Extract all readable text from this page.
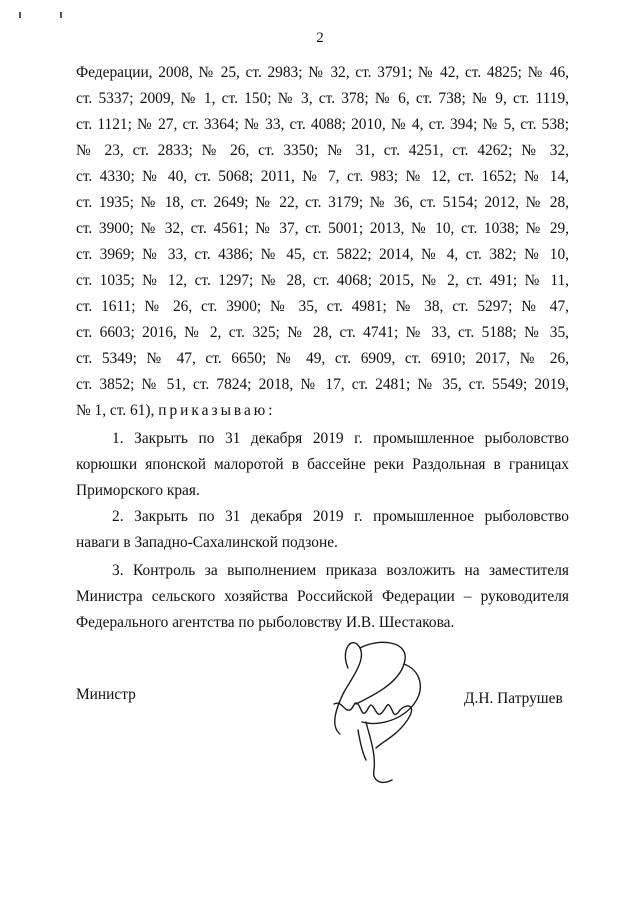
2
Федерации, 2008, № 25, ст. 2983; № 32, ст. 3791; № 42, ст. 4825; № 46,
ст. 5337; 2009, № 1, ст. 150; № 3, ст. 378; № 6, ст. 738; № 9, ст. 1119,
ст. 1121; № 27, ст. 3364; № 33, ст. 4088; 2010, № 4, ст. 394; № 5, ст. 538;
№ 23, ст. 2833; № 26, ст. 3350; № 31, ст. 4251, ст. 4262; № 32,
ст. 4330; № 40, ст. 5068; 2011, № 7, ст. 983; № 12, ст. 1652; № 14,
ст. 1935; № 18, ст. 2649; № 22, ст. 3179; № 36, ст. 5154; 2012, № 28,
ст. 3900; № 32, ст. 4561; № 37, ст. 5001; 2013, № 10, ст. 1038; № 29,
ст. 3969; № 33, ст. 4386; № 45, ст. 5822; 2014, № 4, ст. 382; № 10,
ст. 1035; № 12, ст. 1297; № 28, ст. 4068; 2015, № 2, ст. 491; № 11,
ст. 1611; № 26, ст. 3900; № 35, ст. 4981; № 38, ст. 5297; № 47,
ст. 6603; 2016, № 2, ст. 325; № 28, ст. 4741; № 33, ст. 5188; № 35,
ст. 5349; № 47, ст. 6650; № 49, ст. 6909, ст. 6910; 2017, № 26,
ст. 3852; № 51, ст. 7824; 2018, № 17, ст. 2481; № 35, ст. 5549; 2019,
№ 1, ст. 61), приказываю:
1. Закрыть по 31 декабря 2019 г. промышленное рыболовство
корюшки японской малоротой в бассейне реки Раздольная в границах
Приморского края.
2. Закрыть по 31 декабря 2019 г. промышленное рыболовство
наваги в Западно-Сахалинской подзоне.
3. Контроль за выполнением приказа возложить на заместителя
Министра сельского хозяйства Российской Федерации – руководителя
Федерального агентства по рыболовству И.В. Шестакова.
Министр	Д.Н. Патрушев
